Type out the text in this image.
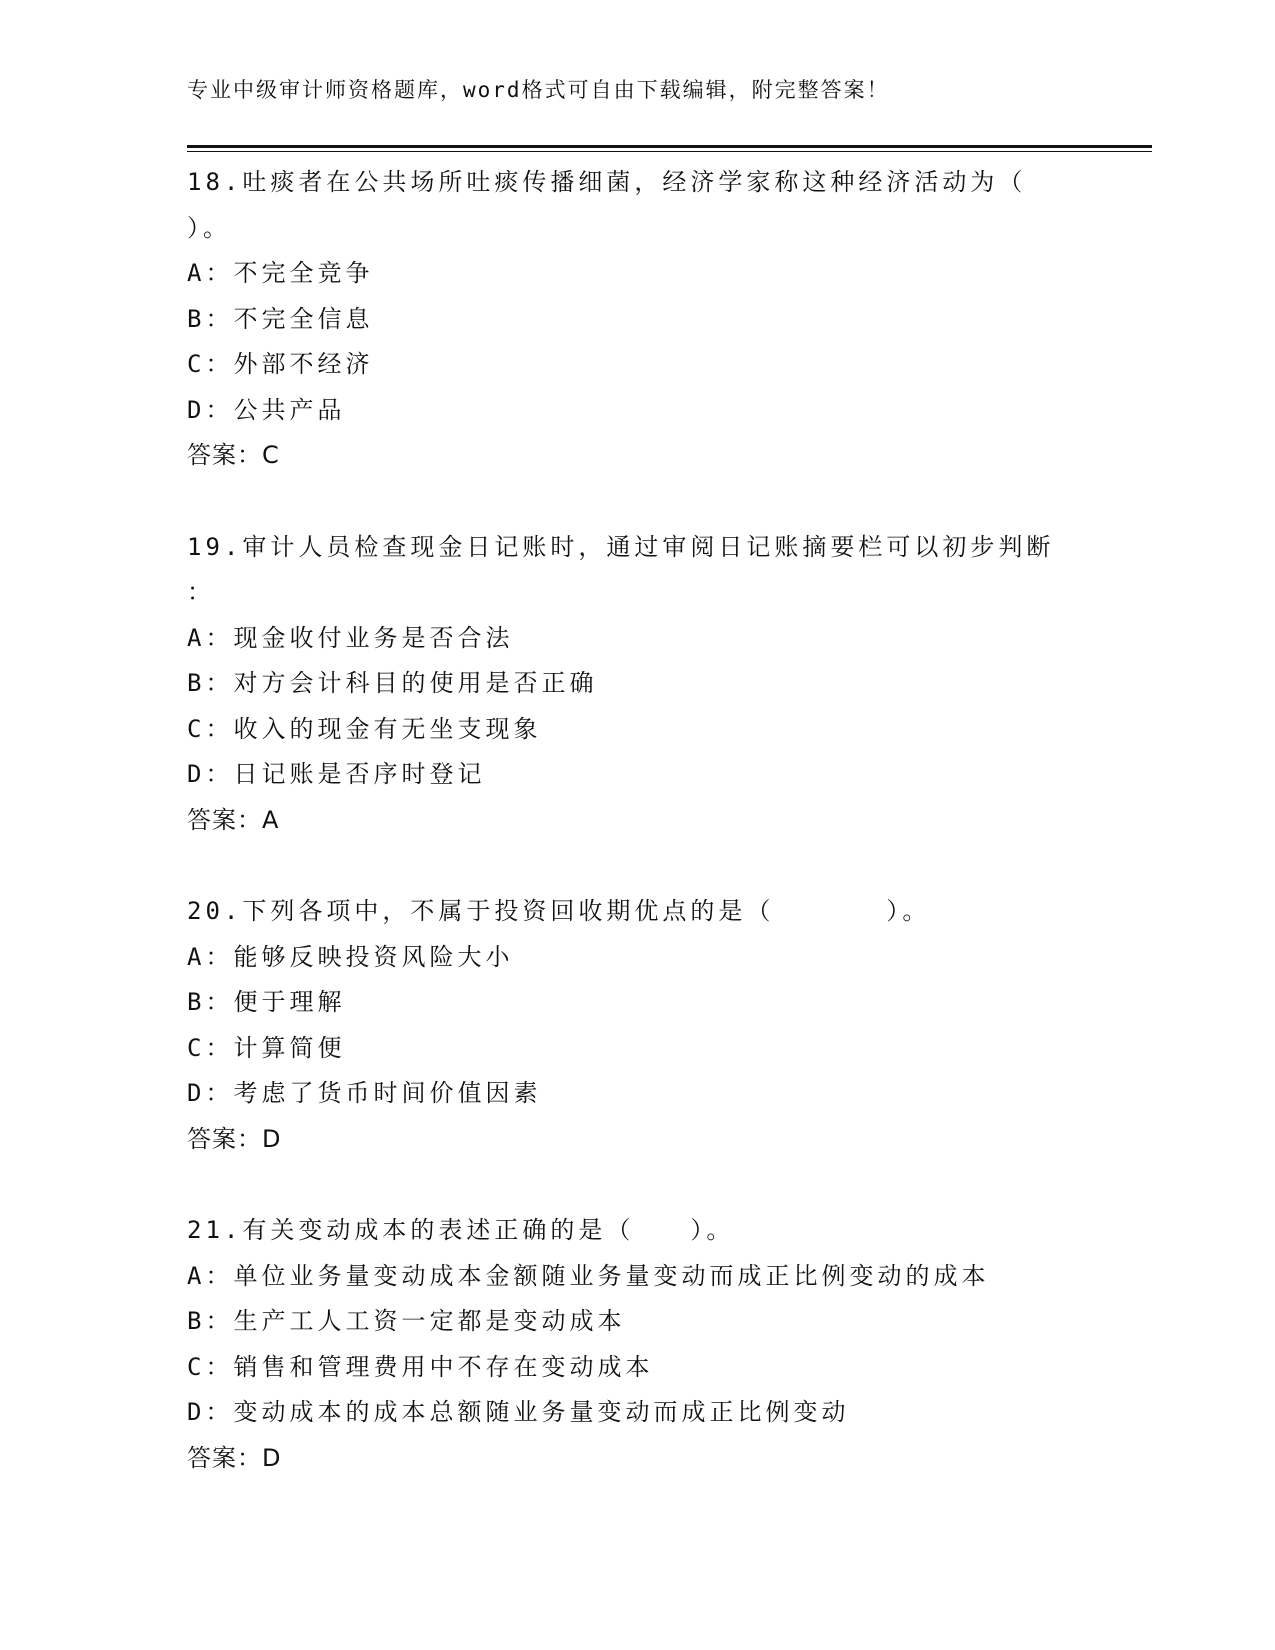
专业中级审计师资格题库，word格式可自由下载编辑，附完整答案！
18.吐痰者在公共场所吐痰传播细菌，经济学家称这种经济活动为（
）。
A：不完全竞争
B：不完全信息
C：外部不经济
D：公共产品
答案：C
19.审计人员检查现金日记账时，通过审阅日记账摘要栏可以初步判断
：
A：现金收付业务是否合法
B：对方会计科目的使用是否正确
C：收入的现金有无坐支现象
D：日记账是否序时登记
答案：A
20.下列各项中，不属于投资回收期优点的是（　　　　）。
A：能够反映投资风险大小
B：便于理解
C：计算简便
D：考虑了货币时间价值因素
答案：D
21.有关变动成本的表述正确的是（　　）。
A：单位业务量变动成本金额随业务量变动而成正比例变动的成本
B：生产工人工资一定都是变动成本
C：销售和管理费用中不存在变动成本
D：变动成本的成本总额随业务量变动而成正比例变动
答案：D
